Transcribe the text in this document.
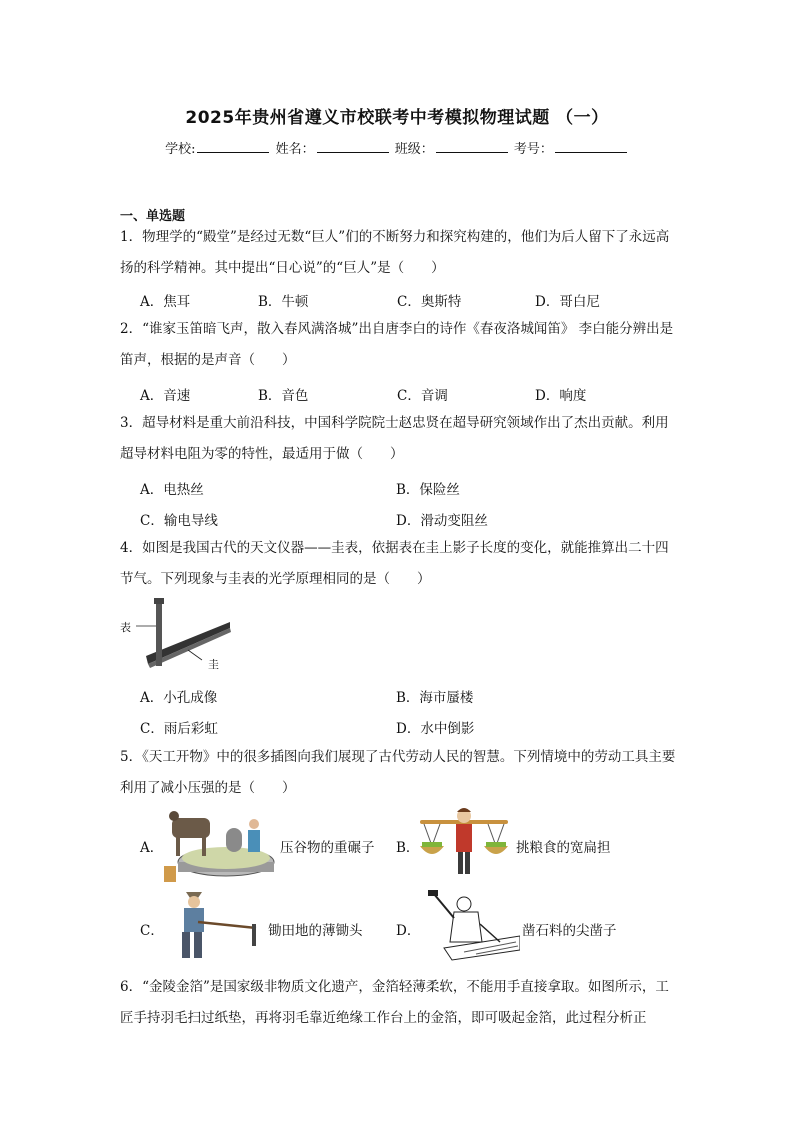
2025年贵州省遵义市校联考中考模拟物理试题 （一）
学校:	姓名：	班级：	考号：
一、单选题
1．物理学的“殿堂”是经过无数“巨人”们的不断努力和探究构建的，他们为后人留下了永远高扬的科学精神。其中提出“日心说”的“巨人”是（　　）
A．焦耳	B．牛顿	C．奥斯特	D．哥白尼
2．“谁家玉笛暗飞声，散入春风满洛城”出自唐李白的诗作《春夜洛城闻笛》 李白能分辨出是笛声，根据的是声音（　　）
A．音速	B．音色	C．音调	D．响度
3．超导材料是重大前沿科技，中国科学院院士赵忠贤在超导研究领域作出了杰出贡献。利用超导材料电阻为零的特性，最适用于做（　　）
A．电热丝	B．保险丝
C．输电导线	D．滑动变阻丝
4．如图是我国古代的天文仪器——圭表，依据表在圭上影子长度的变化，就能推算出二十四节气。下列现象与圭表的光学原理相同的是（　　）
表
圭
A．小孔成像	B．海市蜃楼
C．雨后彩虹	D．水中倒影
5．《天工开物》中的很多插图向我们展现了古代劳动人民的智慧。下列情境中的劳动工具主要利用了减小压强的是（　　）
A．	压谷物的重碾子 B．	挑粮食的宽扁担
C．	锄田地的薄锄头 D．	凿石料的尖凿子
6．“金陵金箔”是国家级非物质文化遗产，金箔轻薄柔软，不能用手直接拿取。如图所示，工匠手持羽毛扫过纸垫，再将羽毛靠近绝缘工作台上的金箔，即可吸起金箔，此过程分析正
